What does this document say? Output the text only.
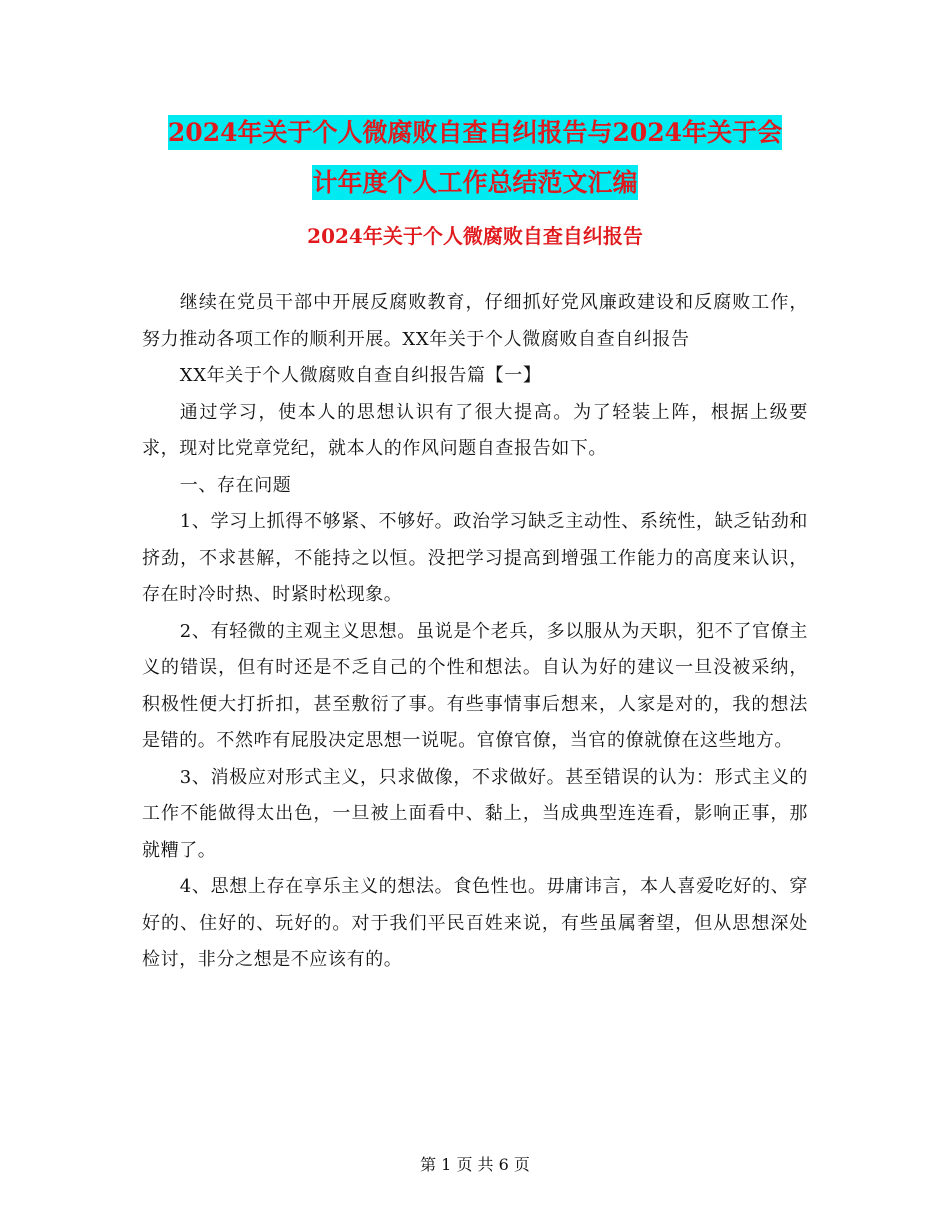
2024年关于个人微腐败自查自纠报告与2024年关于会
计年度个人工作总结范文汇编
2024年关于个人微腐败自查自纠报告

继续在党员干部中开展反腐败教育，仔细抓好党风廉政建设和反腐败工作，努力推动各项工作的顺利开展。XX年关于个人微腐败自查自纠报告

XX年关于个人微腐败自查自纠报告篇【一】

通过学习，使本人的思想认识有了很大提高。为了轻装上阵，根据上级要求，现对比党章党纪，就本人的作风问题自查报告如下。

一、存在问题

1、学习上抓得不够紧、不够好。政治学习缺乏主动性、系统性，缺乏钻劲和挤劲，不求甚解，不能持之以恒。没把学习提高到增强工作能力的高度来认识，存在时冷时热、时紧时松现象。

2、有轻微的主观主义思想。虽说是个老兵，多以服从为天职，犯不了官僚主义的错误，但有时还是不乏自己的个性和想法。自认为好的建议一旦没被采纳，积极性便大打折扣，甚至敷衍了事。有些事情事后想来，人家是对的，我的想法是错的。不然咋有屁股决定思想一说呢。官僚官僚，当官的僚就僚在这些地方。

3、消极应对形式主义，只求做像，不求做好。甚至错误的认为：形式主义的工作不能做得太出色，一旦被上面看中、黏上，当成典型连连看，影响正事，那就糟了。

4、思想上存在享乐主义的想法。食色性也。毋庸讳言，本人喜爱吃好的、穿好的、住好的、玩好的。对于我们平民百姓来说，有些虽属奢望，但从思想深处检讨，非分之想是不应该有的。

第 1 页 共 6 页
